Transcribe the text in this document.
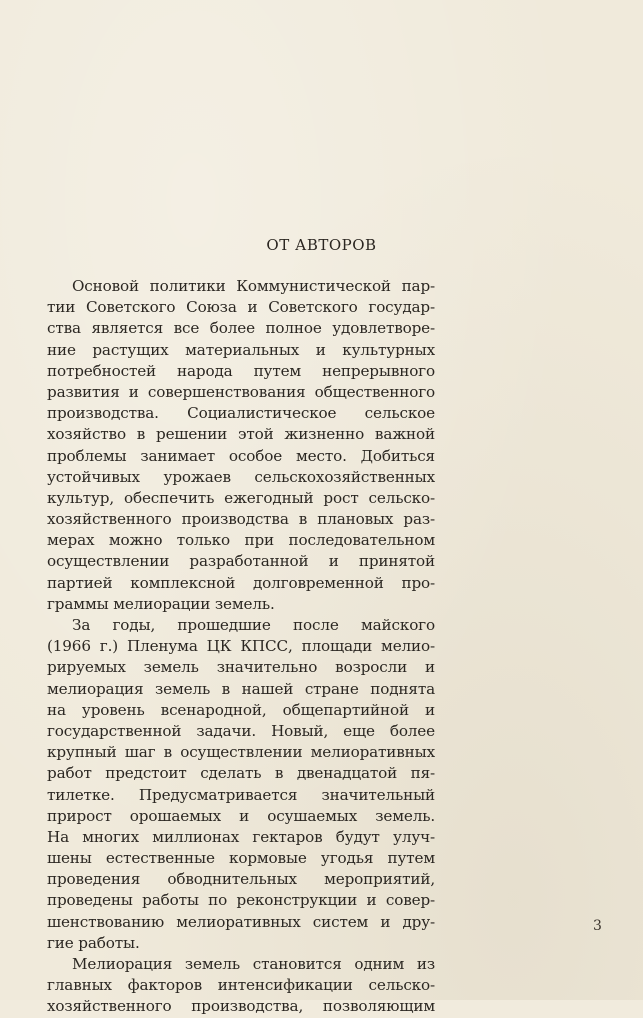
ОТ АВТОРОВ
Основой политики Коммунистической пар-
тии Советского Союза и Советского государ-
ства является все более полное удовлетворе-
ние растущих материальных и культурных
потребностей народа путем непрерывного
развития и совершенствования общественного
производства. Социалистическое сельское
хозяйство в решении этой жизненно важной
проблемы занимает особое место. Добиться
устойчивых урожаев сельскохозяйственных
культур, обеспечить ежегодный рост сельско-
хозяйственного производства в плановых раз-
мерах можно только при последовательном
осуществлении разработанной и принятой
партией комплексной долговременной про-
граммы мелиорации земель.
За годы, прошедшие после майского
(1966 г.) Пленума ЦК КПСС, площади мелио-
рируемых земель значительно возросли и
мелиорация земель в нашей стране поднята
на уровень всенародной, общепартийной и
государственной задачи. Новый, еще более
крупный шаг в осуществлении мелиоративных
работ предстоит сделать в двенадцатой пя-
тилетке. Предусматривается значительный
прирост орошаемых и осушаемых земель.
На многих миллионах гектаров будут улуч-
шены естественные кормовые угодья путем
проведения обводнительных мероприятий,
проведены работы по реконструкции и совер-
шенствованию мелиоративных систем и дру-
гие работы.
Мелиорация земель становится одним из
главных факторов интенсификации сельско-
хозяйственного производства, позволяющим
3
